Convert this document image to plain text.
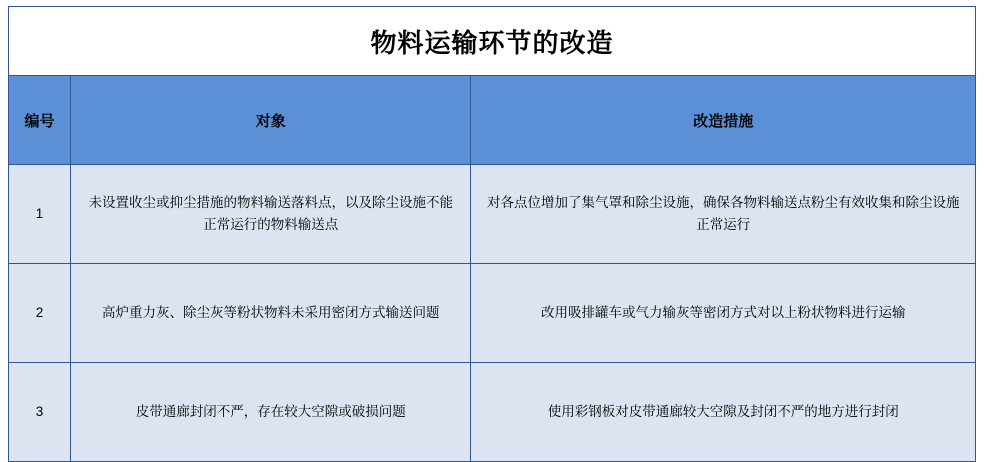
物料运输环节的改造		
编号	对象	改造措施
1	未设置收尘或抑尘措施的物料输送落料点，以及除尘设施不能正常运行的物料输送点	对各点位增加了集气罩和除尘设施，确保各物料输送点粉尘有效收集和除尘设施正常运行
2	高炉重力灰、除尘灰等粉状物料未采用密闭方式输送问题	改用吸排罐车或气力输灰等密闭方式对以上粉状物料进行运输
3	皮带通廊封闭不严，存在较大空隙或破损问题	使用彩钢板对皮带通廊较大空隙及封闭不严的地方进行封闭
